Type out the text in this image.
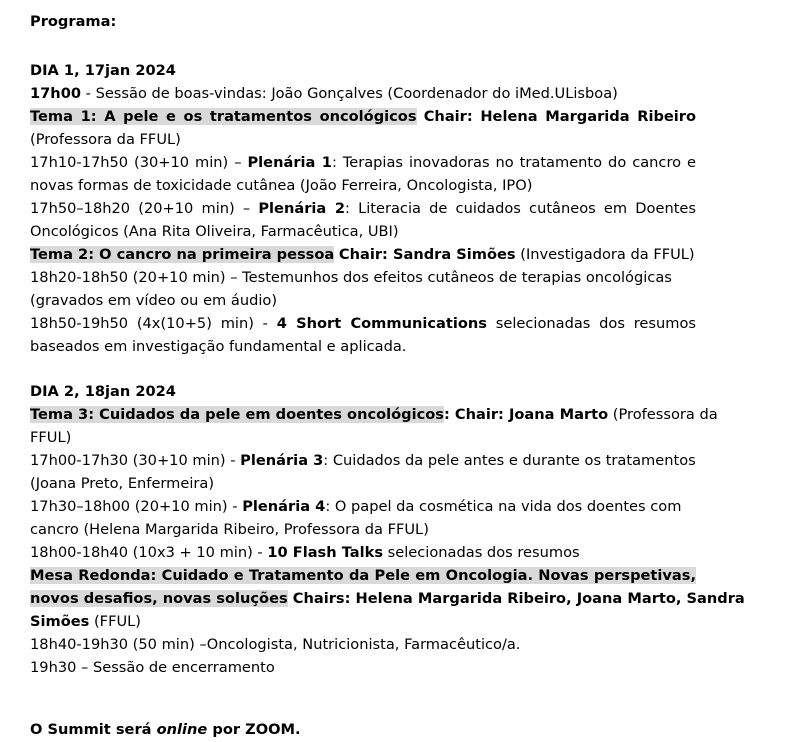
Programa:
DIA 1, 17jan 2024
17h00 - Sessão de boas-vindas: João Gonçalves (Coordenador do iMed.ULisboa)
Tema 1: A pele e os tratamentos oncológicos Chair: Helena Margarida Ribeiro
(Professora da FFUL)
17h10-17h50 (30+10 min) – Plenária 1: Terapias inovadoras no tratamento do cancro e
novas formas de toxicidade cutânea (João Ferreira, Oncologista, IPO)
17h50–18h20 (20+10 min) – Plenária 2: Literacia de cuidados cutâneos em Doentes
Oncológicos (Ana Rita Oliveira, Farmacêutica, UBI)
Tema 2: O cancro na primeira pessoa Chair: Sandra Simões (Investigadora da FFUL)
18h20-18h50 (20+10 min) – Testemunhos dos efeitos cutâneos de terapias oncológicas
(gravados em vídeo ou em áudio)
18h50-19h50 (4x(10+5) min) - 4 Short Communications selecionadas dos resumos
baseados em investigação fundamental e aplicada.
DIA 2, 18jan 2024
Tema 3: Cuidados da pele em doentes oncológicos: Chair: Joana Marto (Professora da
FFUL)
17h00-17h30 (30+10 min) - Plenária 3: Cuidados da pele antes e durante os tratamentos
(Joana Preto, Enfermeira)
17h30–18h00 (20+10 min) - Plenária 4: O papel da cosmética na vida dos doentes com
cancro (Helena Margarida Ribeiro, Professora da FFUL)
18h00-18h40 (10x3 + 10 min) - 10 Flash Talks selecionadas dos resumos
Mesa Redonda: Cuidado e Tratamento da Pele em Oncologia. Novas perspetivas,
novos desafios, novas soluções Chairs: Helena Margarida Ribeiro, Joana Marto, Sandra
Simões (FFUL)
18h40-19h30 (50 min) –Oncologista, Nutricionista, Farmacêutico/a.
19h30 – Sessão de encerramento
O Summit será online por ZOOM.
